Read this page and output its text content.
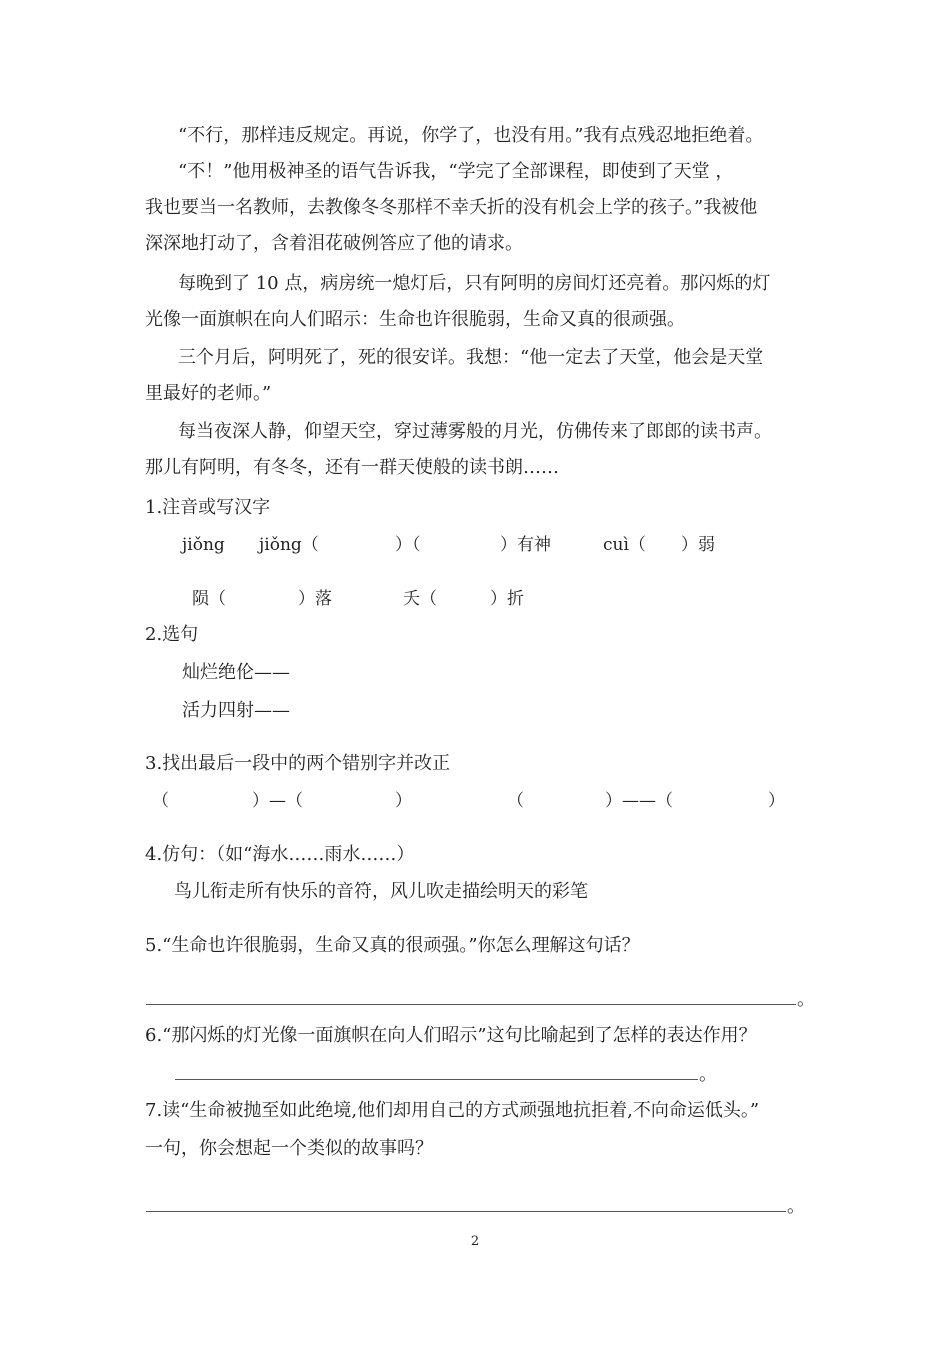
“不行，那样违反规定。再说，你学了，也没有用。”我有点残忍地拒绝着。
“不！”他用极神圣的语气告诉我，“学完了全部课程，即使到了天堂 ，
我也要当一名教师，去教像冬冬那样不幸夭折的没有机会上学的孩子。”我被他
深深地打动了，含着泪花破例答应了他的请求。
每晚到了 10 点，病房统一熄灯后，只有阿明的房间灯还亮着。那闪烁的灯
光像一面旗帜在向人们昭示：生命也许很脆弱，生命又真的很顽强。
三个月后，阿明死了，死的很安详。我想：“他一定去了天堂，他会是天堂
里最好的老师。”
每当夜深人静，仰望天空，穿过薄雾般的月光，仿佛传来了郎郎的读书声。
那儿有阿明，有冬冬，还有一群天使般的读书朗……
1.注音或写汉字
jiǒng jiǒng（	）（	）有神	cuì（ ）弱
陨（	）落	夭（	）折
2.选句
灿烂绝伦——
活力四射——
3.找出最后一段中的两个错别字并改正
（	）—（	）	（	）——（	）
4.仿句：（如“海水……雨水……）
鸟儿衔走所有快乐的音符，风儿吹走描绘明天的彩笔
5.“生命也许很脆弱，生命又真的很顽强。”你怎么理解这句话？
。
6.“那闪烁的灯光像一面旗帜在向人们昭示”这句比喻起到了怎样的表达作用？
。
7.读“生命被抛至如此绝境,他们却用自己的方式顽强地抗拒着,不向命运低头。”
一句，你会想起一个类似的故事吗？
。
2
